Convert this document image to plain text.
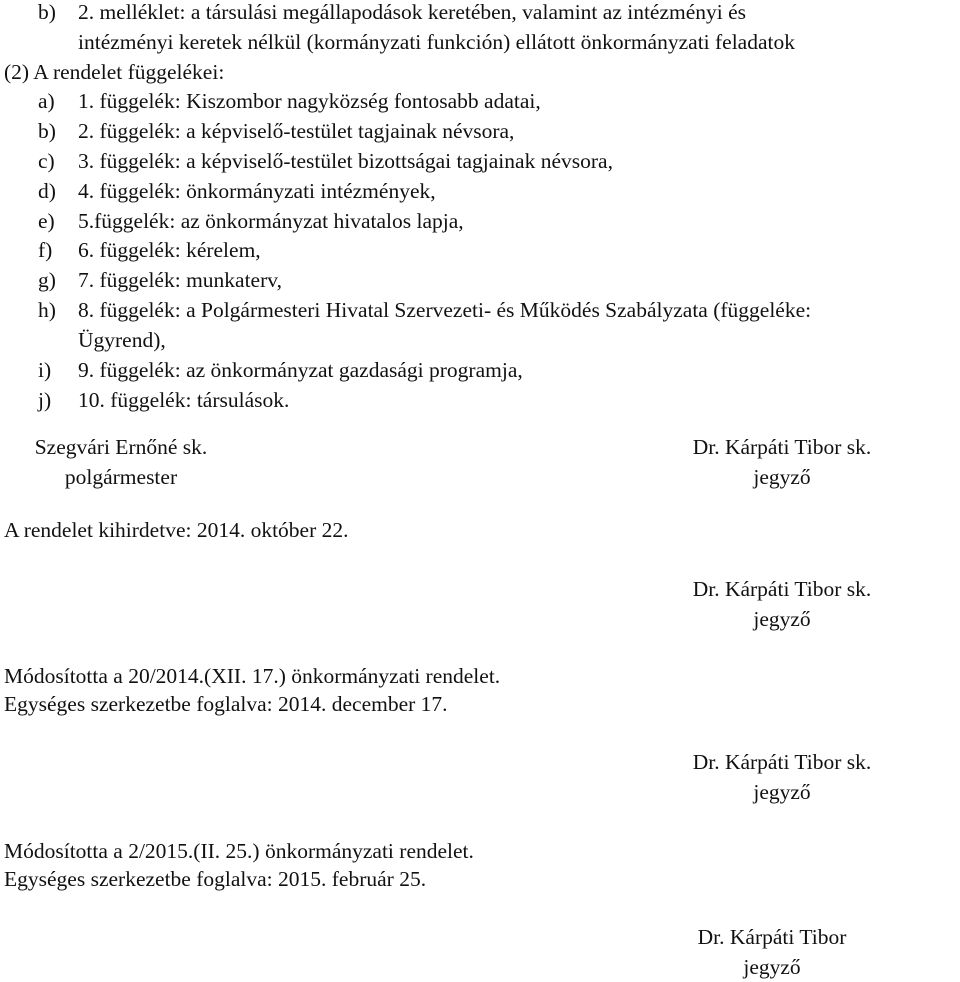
b) 2. melléklet: a társulási megállapodások keretében, valamint az intézményi és
intézményi keretek nélkül (kormányzati funkción) ellátott önkormányzati feladatok
(2) A rendelet függelékei:
a) 1. függelék: Kiszombor nagyközség fontosabb adatai,
b) 2. függelék: a képviselő-testület tagjainak névsora,
c) 3. függelék: a képviselő-testület bizottságai tagjainak névsora,
d) 4. függelék: önkormányzati intézmények,
e) 5.függelék: az önkormányzat hivatalos lapja,
f) 6. függelék: kérelem,
g) 7. függelék: munkaterv,
h) 8. függelék: a Polgármesteri Hivatal Szervezeti- és Működés Szabályzata (függeléke:
Ügyrend),
i) 9. függelék: az önkormányzat gazdasági programja,
j) 10. függelék: társulások.
Szegvári Ernőné sk.
polgármester
Dr. Kárpáti Tibor sk.
jegyző
A rendelet kihirdetve: 2014. október 22.
Dr. Kárpáti Tibor sk.
jegyző
Módosította a 20/2014.(XII. 17.) önkormányzati rendelet.
Egységes szerkezetbe foglalva: 2014. december 17.
Dr. Kárpáti Tibor sk.
jegyző
Módosította a 2/2015.(II. 25.) önkormányzati rendelet.
Egységes szerkezetbe foglalva: 2015. február 25.
Dr. Kárpáti Tibor
jegyző
